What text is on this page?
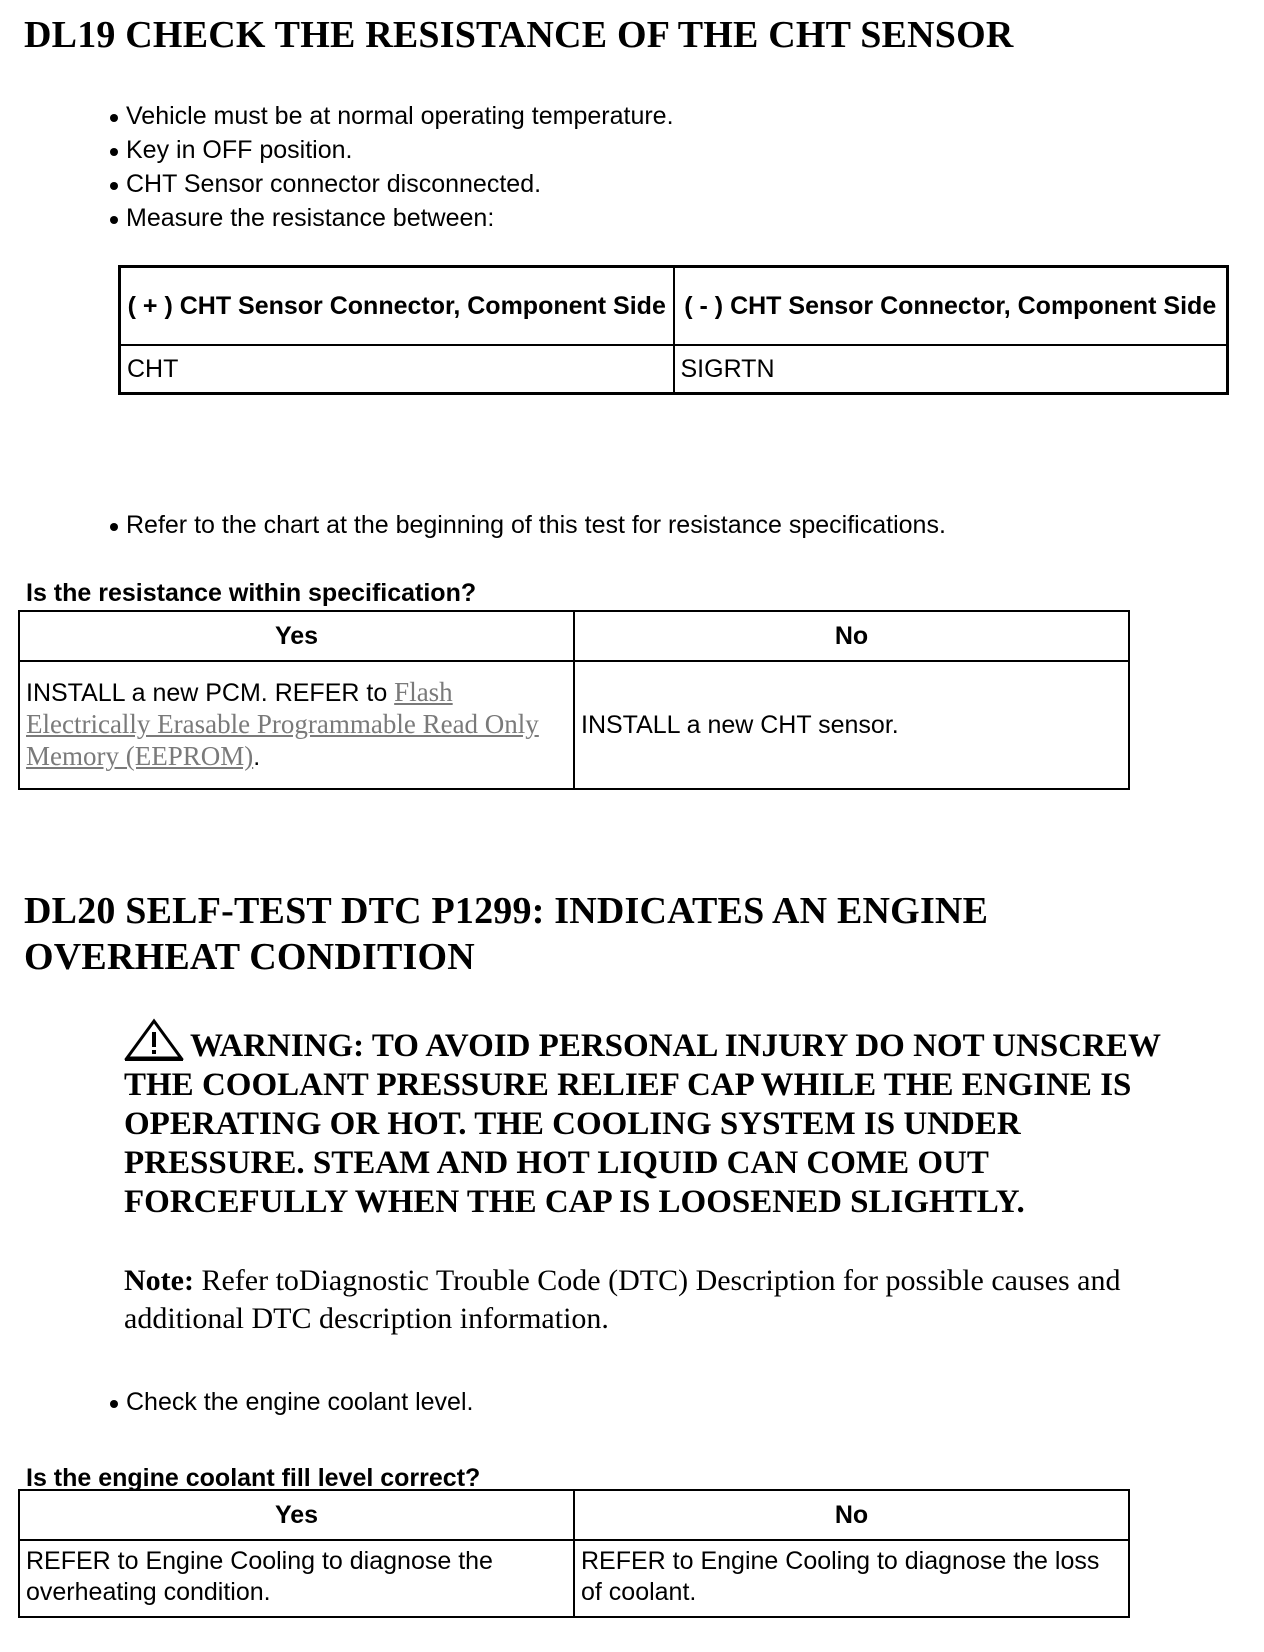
DL19 CHECK THE RESISTANCE OF THE CHT SENSOR
Vehicle must be at normal operating temperature.
Key in OFF position.
CHT Sensor connector disconnected.
Measure the resistance between:
( + ) CHT Sensor Connector, Component Side	( - ) CHT Sensor Connector, Component Side
CHT	SIGRTN
Refer to the chart at the beginning of this test for resistance specifications.

Is the resistance within specification?

Yes	No
INSTALL a new PCM. REFER to Flash Electrically Erasable Programmable Read Only Memory (EEPROM).	INSTALL a new CHT sensor.
DL20 SELF-TEST DTC P1299: INDICATES AN ENGINE OVERHEAT CONDITION

WARNING: TO AVOID PERSONAL INJURY DO NOT UNSCREW THE COOLANT PRESSURE RELIEF CAP WHILE THE ENGINE IS OPERATING OR HOT. THE COOLING SYSTEM IS UNDER PRESSURE. STEAM AND HOT LIQUID CAN COME OUT FORCEFULLY WHEN THE CAP IS LOOSENED SLIGHTLY.

Note: Refer toDiagnostic Trouble Code (DTC) Description for possible causes and additional DTC description information.

Check the engine coolant level.

Is the engine coolant fill level correct?

Yes	No
REFER to Engine Cooling to diagnose the overheating condition.	REFER to Engine Cooling to diagnose the loss of coolant.
